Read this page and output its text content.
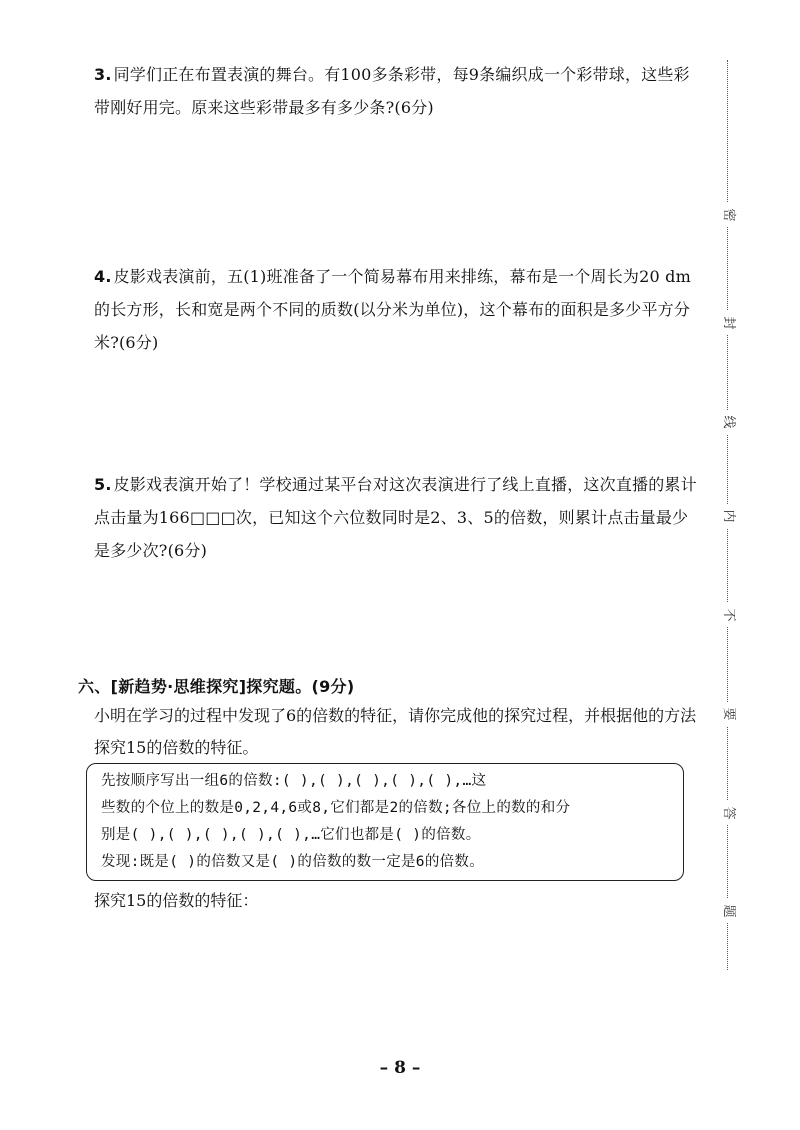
3. 同学们正在布置表演的舞台。有100多条彩带，每9条编织成一个彩带球，这些彩带刚好用完。原来这些彩带最多有多少条?(6分)
4. 皮影戏表演前，五(1)班准备了一个简易幕布用来排练，幕布是一个周长为20 dm的长方形，长和宽是两个不同的质数(以分米为单位)，这个幕布的面积是多少平方分米?(6分)
5. 皮影戏表演开始了！学校通过某平台对这次表演进行了线上直播，这次直播的累计点击量为166□□□次，已知这个六位数同时是2、3、5的倍数，则累计点击量最少是多少次?(6分)
六、[新趋势·思维探究]探究题。(9分)
小明在学习的过程中发现了6的倍数的特征，请你完成他的探究过程，并根据他的方法探究15的倍数的特征。
先按顺序写出一组6的倍数:( ),( ),( ),( ),( ),…这
些数的个位上的数是0,2,4,6或8,它们都是2的倍数;各位上的数的和分
别是( ),( ),( ),( ),( ),…它们也都是( )的倍数。
发现:既是( )的倍数又是( )的倍数的数一定是6的倍数。
探究15的倍数的特征：
密
封
线
内
不
要
答
题
– 8 –
